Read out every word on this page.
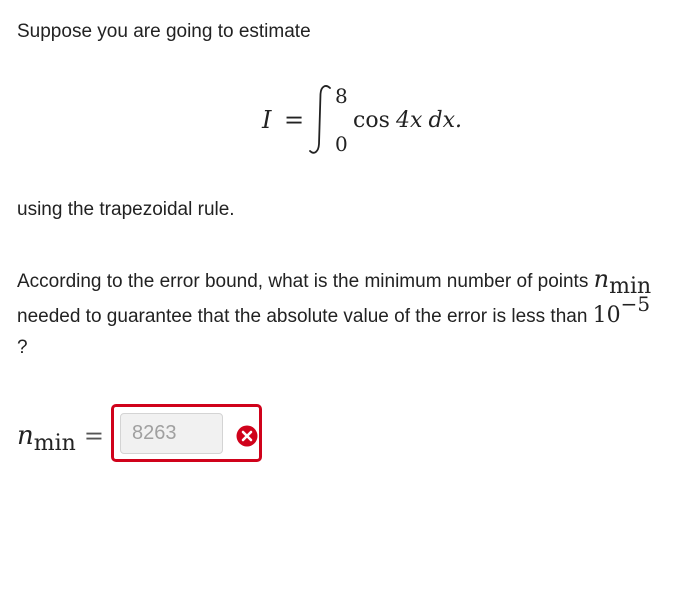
Suppose you are going to estimate

I =
8
0
cos 4x dx.

using the trapezoidal rule.

According to the error bound, what is the minimum number of points nmin

needed to guarantee that the absolute value of the error is less than 10−5

?

nmin =
8263
